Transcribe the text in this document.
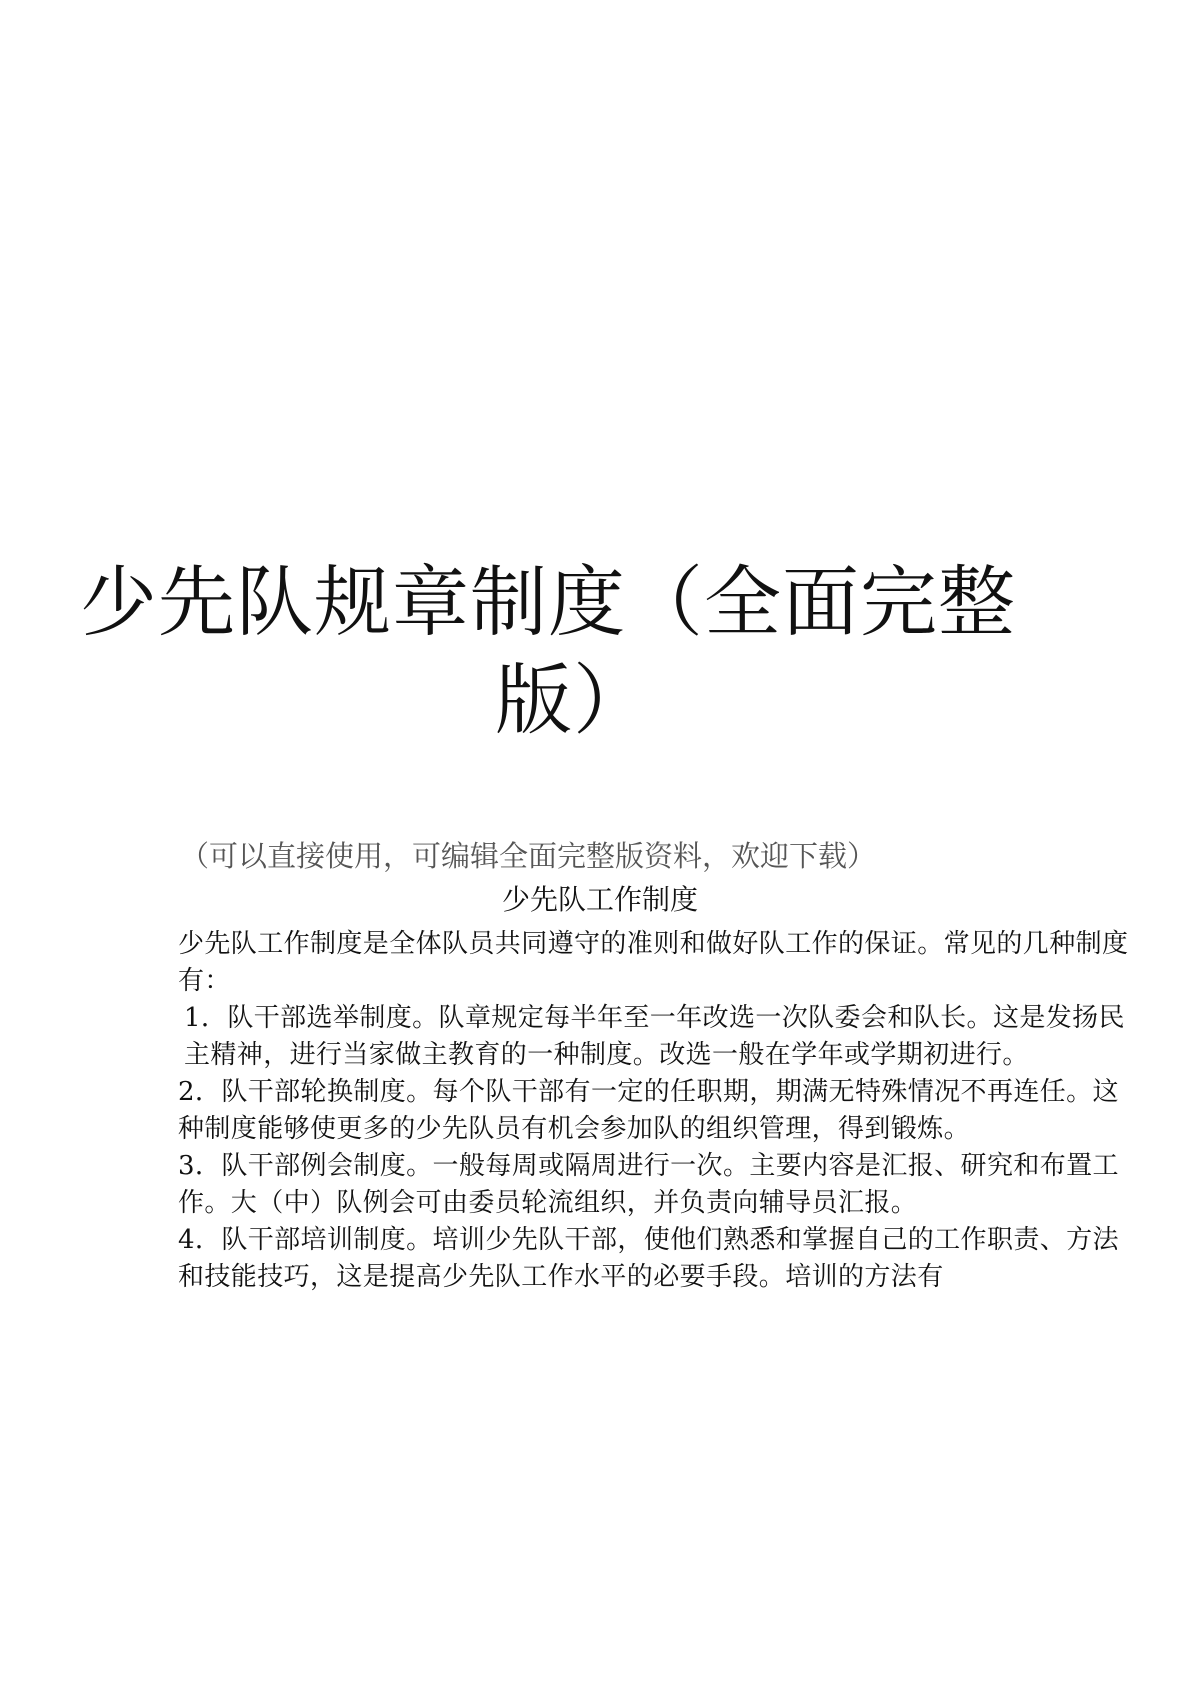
少先队规章制度（全面完整
版）
（可以直接使用，可编辑全面完整版资料，欢迎下载）
少先队工作制度

少先队工作制度是全体队员共同遵守的准则和做好队工作的保证。常见的几种制度有：

1．队干部选举制度。队章规定每半年至一年改选一次队委会和队长。这是发扬民主精神，进行当家做主教育的一种制度。改选一般在学年或学期初进行。

2．队干部轮换制度。每个队干部有一定的任职期，期满无特殊情况不再连任。这种制度能够使更多的少先队员有机会参加队的组织管理，得到锻炼。

3．队干部例会制度。一般每周或隔周进行一次。主要内容是汇报、研究和布置工作。大（中）队例会可由委员轮流组织，并负责向辅导员汇报。

4．队干部培训制度。培训少先队干部，使他们熟悉和掌握自己的工作职责、方法和技能技巧，这是提高少先队工作水平的必要手段。培训的方法有
